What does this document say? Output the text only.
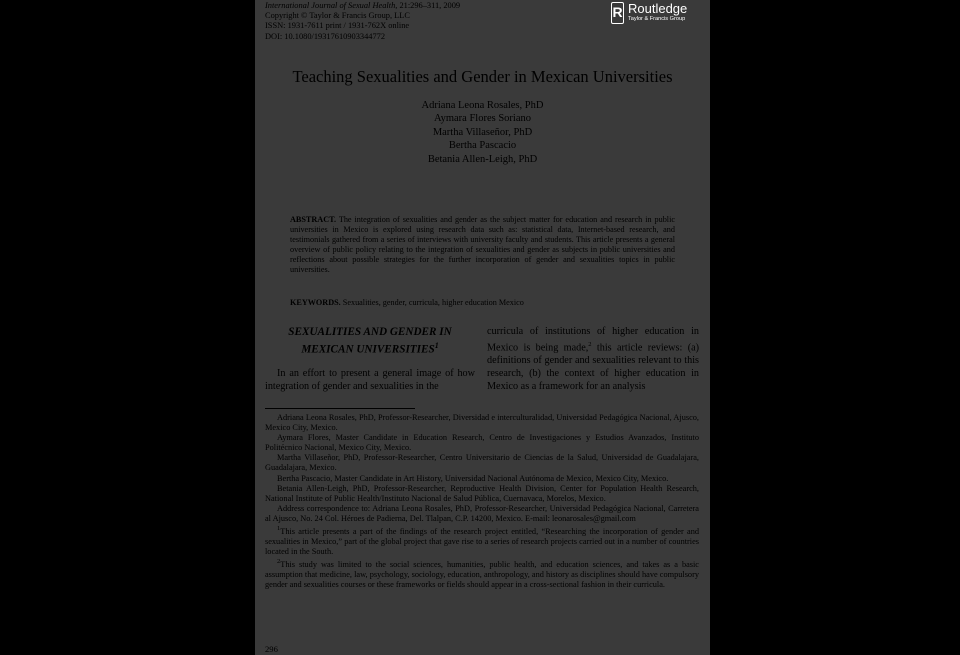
International Journal of Sexual Health, 21:296–311, 2009
Copyright © Taylor & Francis Group, LLC
ISSN: 1931-7611 print / 1931-762X online
DOI: 10.1080/19317610903344772
R Routledge
Taylor & Francis Group
Teaching Sexualities and Gender in Mexican Universities
Adriana Leona Rosales, PhD
Aymara Flores Soriano
Martha Villaseñor, PhD
Bertha Pascacio
Betania Allen-Leigh, PhD
ABSTRACT. The integration of sexualities and gender as the subject matter for education and research in public universities in Mexico is explored using research data such as: statistical data, Internet-based research, and testimonials gathered from a series of interviews with university faculty and students. This article presents a general overview of public policy relating to the integration of sexualities and gender as subjects in public universities and reflections about possible strategies for the further incorporation of gender and sexualities topics in public universities.
KEYWORDS. Sexualities, gender, curricula, higher education Mexico
SEXUALITIES AND GENDER IN
MEXICAN UNIVERSITIES$^1$

In an effort to present a general image of how integration of gender and sexualities in the

curricula of institutions of higher education in Mexico is being made,$^2$ this article reviews: (a) definitions of gender and sexualities relevant to this research, (b) the context of higher education in Mexico as a framework for an analysis

Adriana Leona Rosales, PhD, Professor-Researcher, Diversidad e interculturalidad, Universidad Pedagógica Nacional, Ajusco, Mexico City, Mexico.

Aymara Flores, Master Candidate in Education Research, Centro de Investigaciones y Estudios Avanzados, Instituto Politécnico Nacional, Mexico City, Mexico.

Martha Villaseñor, PhD, Professor-Researcher, Centro Universitario de Ciencias de la Salud, Universidad de Guadalajara, Guadalajara, Mexico.

Bertha Pascacio, Master Candidate in Art History, Universidad Nacional Autónoma de Mexico, Mexico City, Mexico.

Betania Allen-Leigh, PhD, Professor-Researcher, Reproductive Health Division, Center for Population Health Research, National Institute of Public Health/Instituto Nacional de Salud Pública, Cuernavaca, Morelos, Mexico.

Address correspondence to: Adriana Leona Rosales, PhD, Professor-Researcher, Universidad Pedagógica Nacional, Carretera al Ajusco, No. 24 Col. Héroes de Padierna, Del. Tlalpan, C.P. 14200, Mexico. E-mail: leonarosales@gmail.com

$^1$This article presents a part of the findings of the research project entitled, “Researching the incorporation of gender and sexualities in Mexico,” part of the global project that gave rise to a series of research projects carried out in a number of countries located in the South.

$^2$This study was limited to the social sciences, humanities, public health, and education sciences, and takes as a basic assumption that medicine, law, psychology, sociology, education, anthropology, and history as disciplines should have compulsory gender and sexualities courses or these frameworks or fields should appear in a cross-sectional fashion in their curricula.

296
